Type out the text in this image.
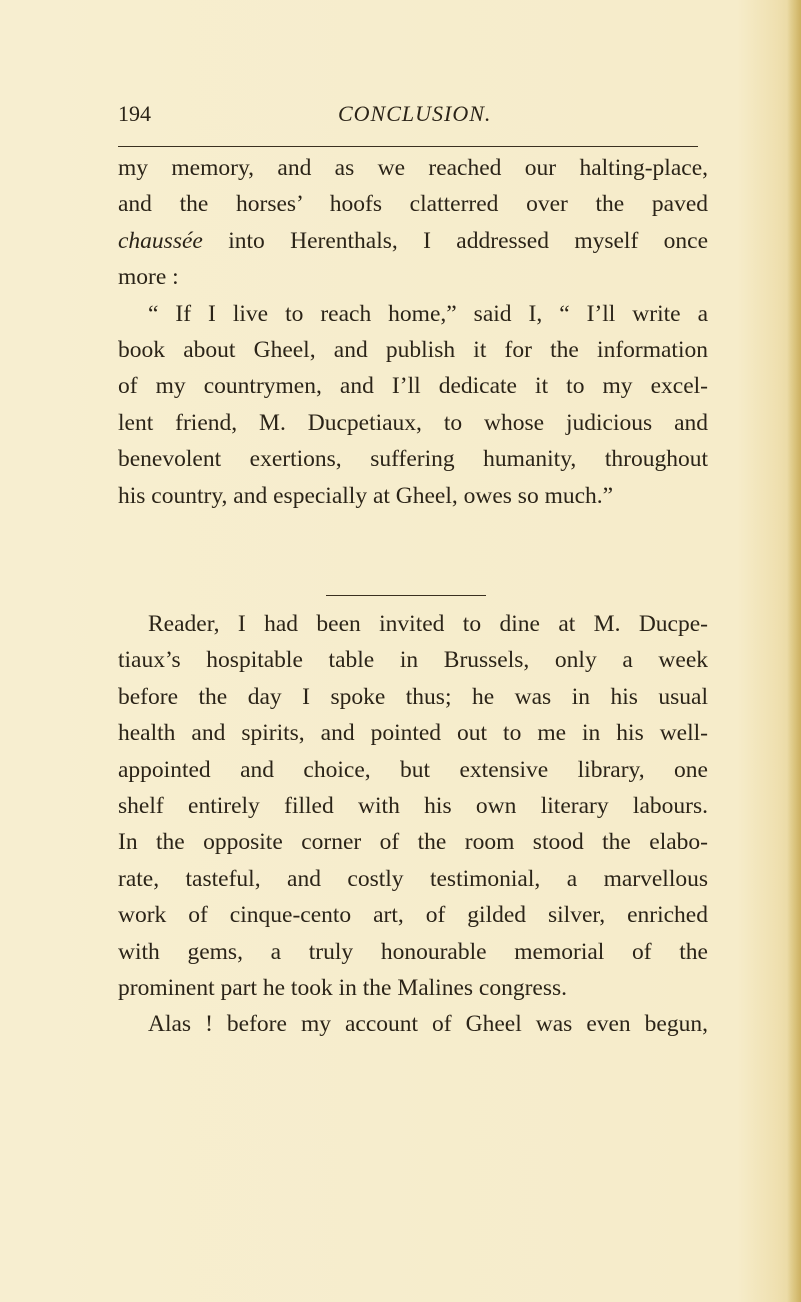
194	CONCLUSION.
my memory, and as we reached our halting-place,
and the horses’ hoofs clatterred over the paved
chaussée into Herenthals, I addressed myself once
more :
“ If I live to reach home,” said I, “ I’ll write a
book about Gheel, and publish it for the information
of my countrymen, and I’ll dedicate it to my excel-
lent friend, M. Ducpetiaux, to whose judicious and
benevolent exertions, suffering humanity, throughout
his country, and especially at Gheel, owes so much.”
Reader, I had been invited to dine at M. Ducpe-
tiaux’s hospitable table in Brussels, only a week
before the day I spoke thus; he was in his usual
health and spirits, and pointed out to me in his well-
appointed and choice, but extensive library, one
shelf entirely filled with his own literary labours.
In the opposite corner of the room stood the elabo-
rate, tasteful, and costly testimonial, a marvellous
work of cinque-cento art, of gilded silver, enriched
with gems, a truly honourable memorial of the
prominent part he took in the Malines congress.
Alas ! before my account of Gheel was even begun,
